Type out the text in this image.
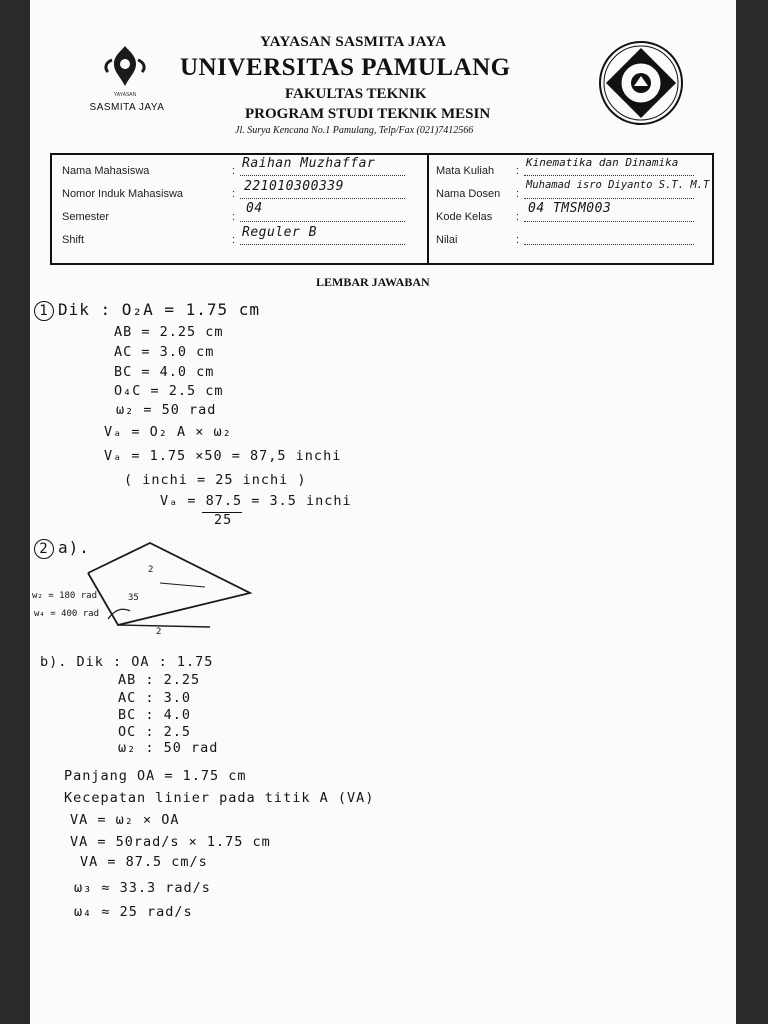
YAYASAN
SASMITA JAYA
YAYASAN SASMITA JAYA
UNIVERSITAS PAMULANG
FAKULTAS TEKNIK
PROGRAM STUDI TEKNIK MESIN
Jl. Surya Kencana No.1 Pamulang, Telp/Fax (021)7412566
Nama Mahasiswa
Nomor Induk Mahasiswa
Semester
Shift
:
:
:
:
Raihan Muzhaffar
221010300339
04
Reguler B
Mata Kuliah
Nama Dosen
Kode Kelas
Nilai
:
:
:
:
Kinematika dan Dinamika
Muhamad isro Diyanto S.T. M.T
04 TMSM003
LEMBAR JAWABAN
1 Dik : O₂A = 1.75 cm
AB = 2.25 cm
AC = 3.0 cm
BC = 4.0 cm
O₄C = 2.5 cm
ω₂ = 50 rad
Vₐ = O₂ A × ω₂
Vₐ = 1.75 ×50 = 87,5 inchi
( inchi = 25 inchi )
Vₐ = 87.5 = 3.5 inchi
25
2 a).
2
35
w₂ = 180 rad
w₄ = 400 rad
2
b). Dik : OA : 1.75
AB : 2.25
AC : 3.0
BC : 4.0
OC : 2.5
ω₂ : 50 rad
Panjang OA = 1.75 cm
Kecepatan linier pada titik A (VA)
VA = ω₂ × OA
VA = 50rad/s × 1.75 cm
VA = 87.5 cm/s
ω₃ ≈ 33.3 rad/s
ω₄ ≈ 25 rad/s
